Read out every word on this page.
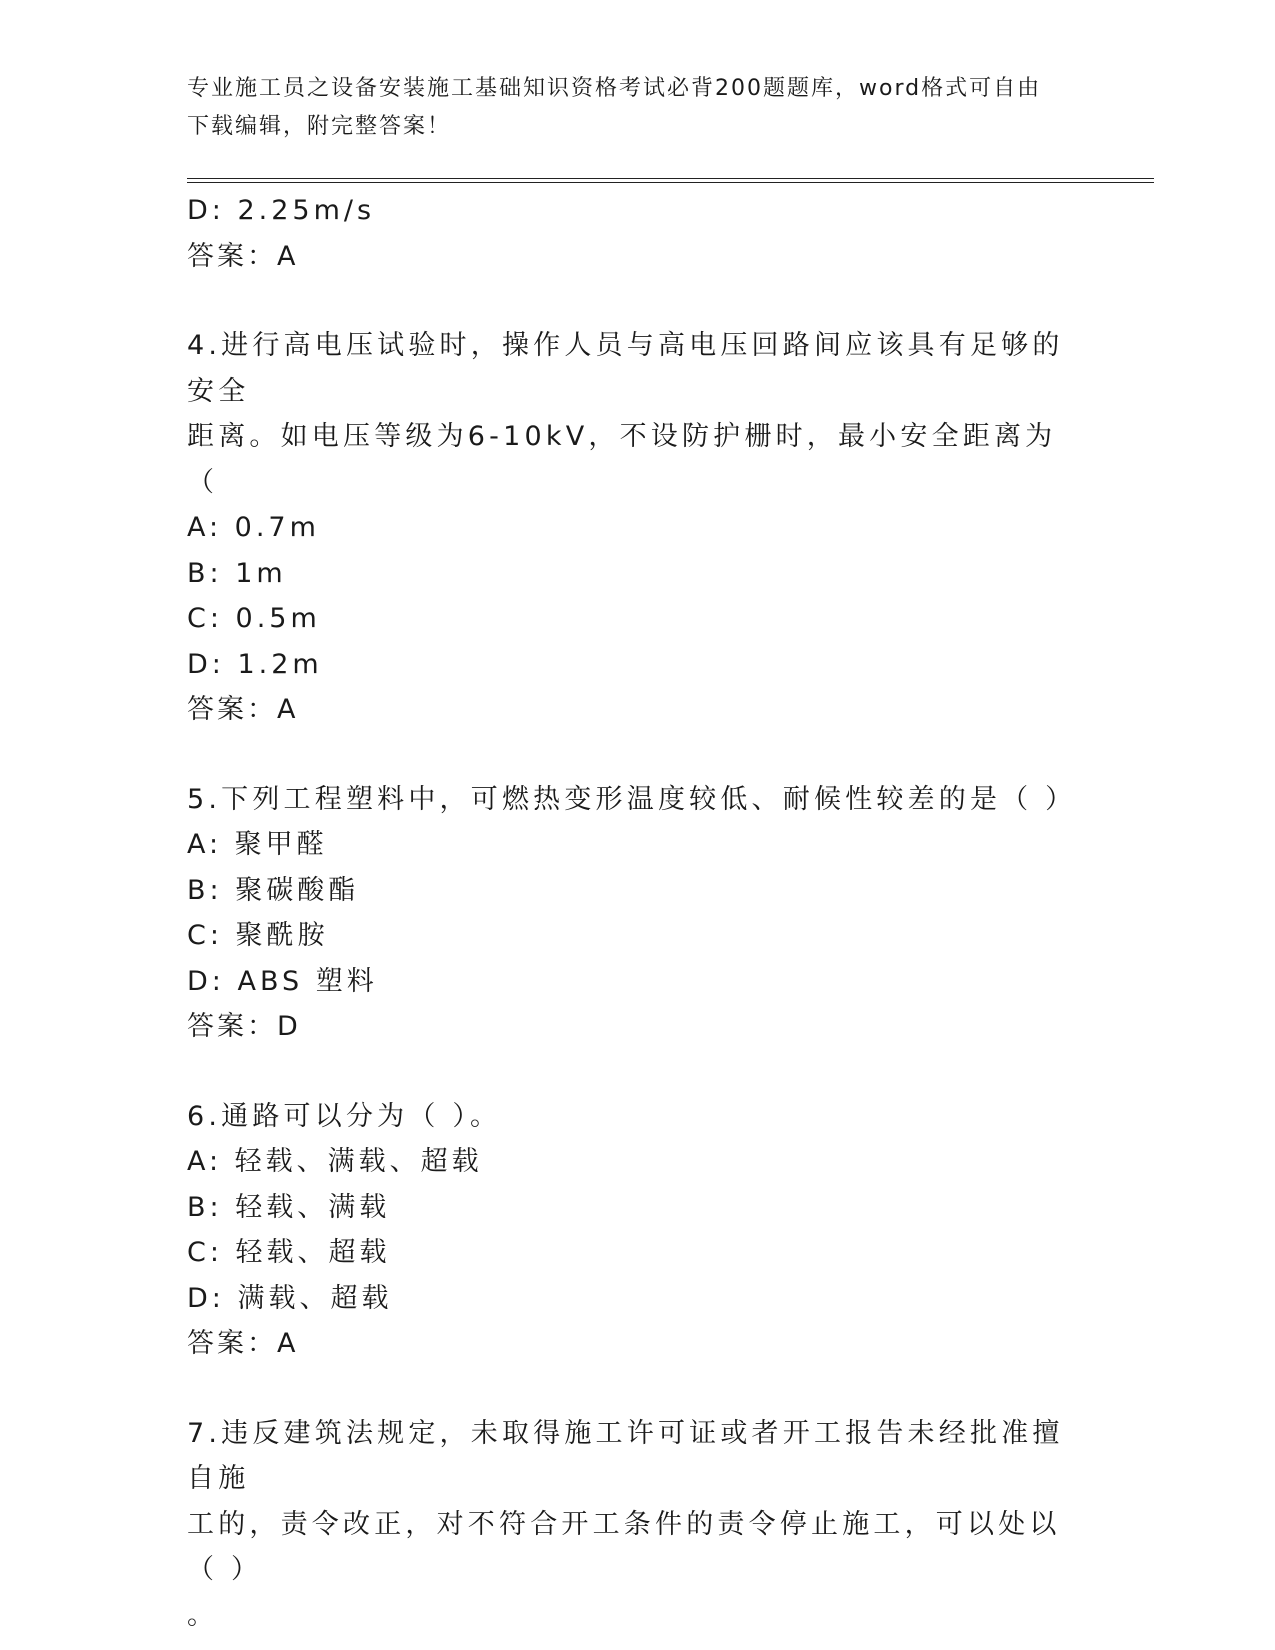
专业施工员之设备安装施工基础知识资格考试必背200题题库，word格式可自由
下载编辑，附完整答案！
D: 2.25m/s
答案：A
4.进行高电压试验时，操作人员与高电压回路间应该具有足够的安全
距离。如电压等级为6-10kV，不设防护栅时，最小安全距离为（
A: 0.7m
B: 1m
C: 0.5m
D: 1.2m
答案：A
5.下列工程塑料中，可燃热变形温度较低、耐候性较差的是（ ）
A: 聚甲醛
B: 聚碳酸酯
C: 聚酰胺
D: ABS 塑料
答案：D
6.通路可以分为（ ）。
A: 轻载、满载、超载
B: 轻载、满载
C: 轻载、超载
D: 满载、超载
答案：A
7.违反建筑法规定，未取得施工许可证或者开工报告未经批准擅自施
工的，责令改正，对不符合开工条件的责令停止施工，可以处以（ ）
。
